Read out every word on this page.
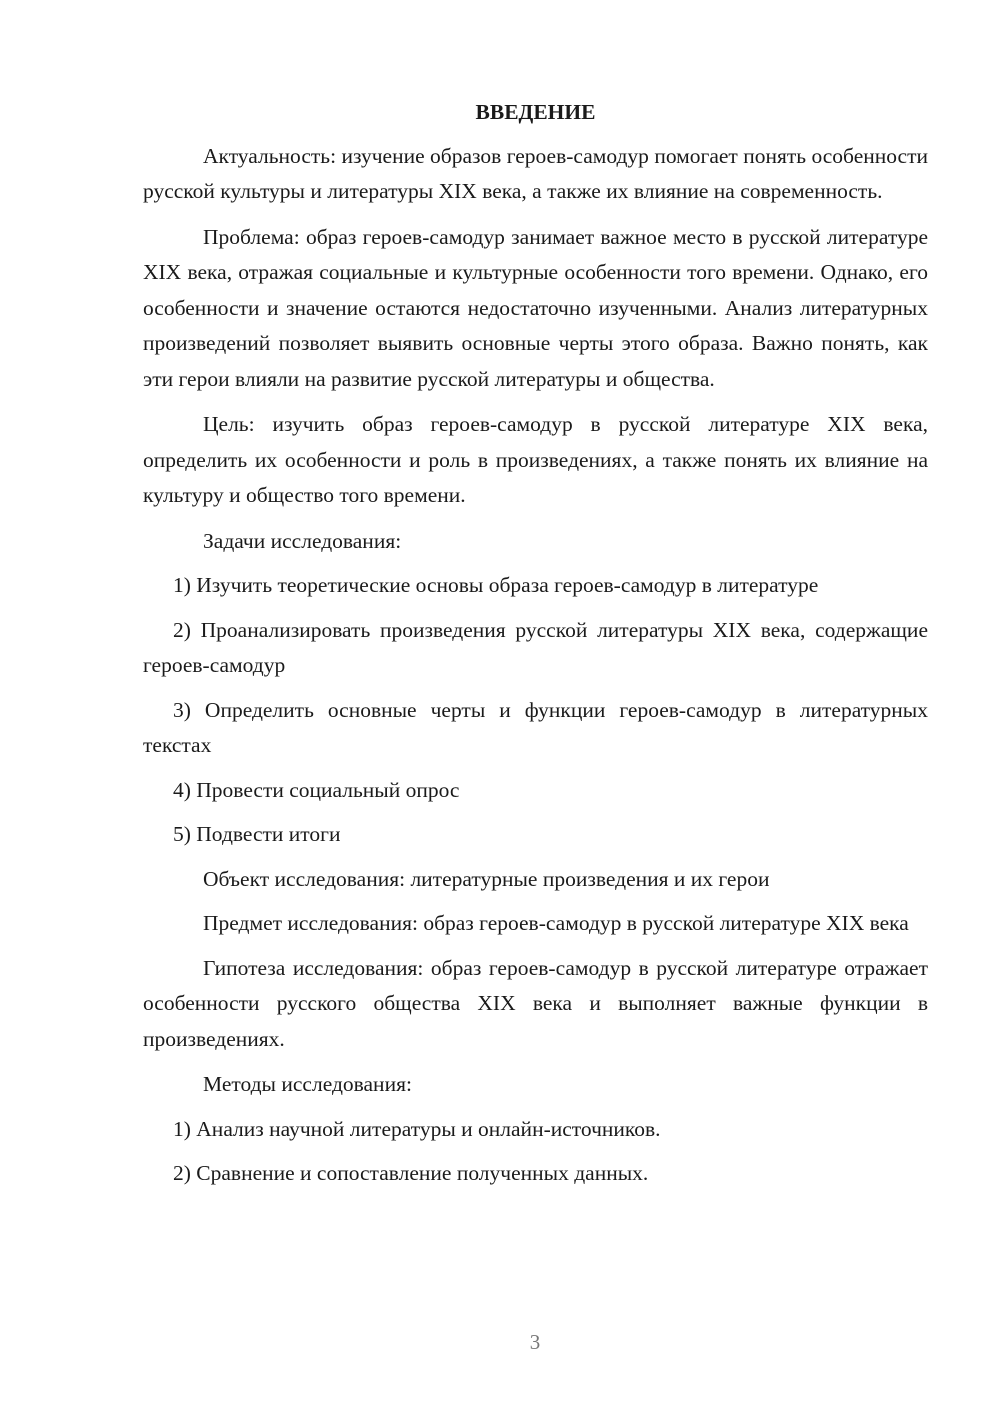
ВВЕДЕНИЕ
Актуальность: изучение образов героев-самодур помогает понять особенности русской культуры и литературы XIX века, а также их влияние на современность.
Проблема: образ героев-самодур занимает важное место в русской литературе XIX века, отражая социальные и культурные особенности того времени. Однако, его особенности и значение остаются недостаточно изученными. Анализ литературных произведений позволяет выявить основные черты этого образа. Важно понять, как эти герои влияли на развитие русской литературы и общества.
Цель: изучить образ героев-самодур в русской литературе XIX века, определить их особенности и роль в произведениях, а также понять их влияние на культуру и общество того времени.
Задачи исследования:
1) Изучить теоретические основы образа героев-самодур в литературе
2) Проанализировать произведения русской литературы XIX века, содержащие героев-самодур
3) Определить основные черты и функции героев-самодур в литературных текстах
4) Провести социальный опрос
5) Подвести итоги
Объект исследования: литературные произведения и их герои
Предмет исследования: образ героев-самодур в русской литературе XIX века
Гипотеза исследования: образ героев-самодур в русской литературе отражает особенности русского общества XIX века и выполняет важные функции в произведениях.
Методы исследования:
1) Анализ научной литературы и онлайн-источников.
2) Сравнение и сопоставление полученных данных.
3
